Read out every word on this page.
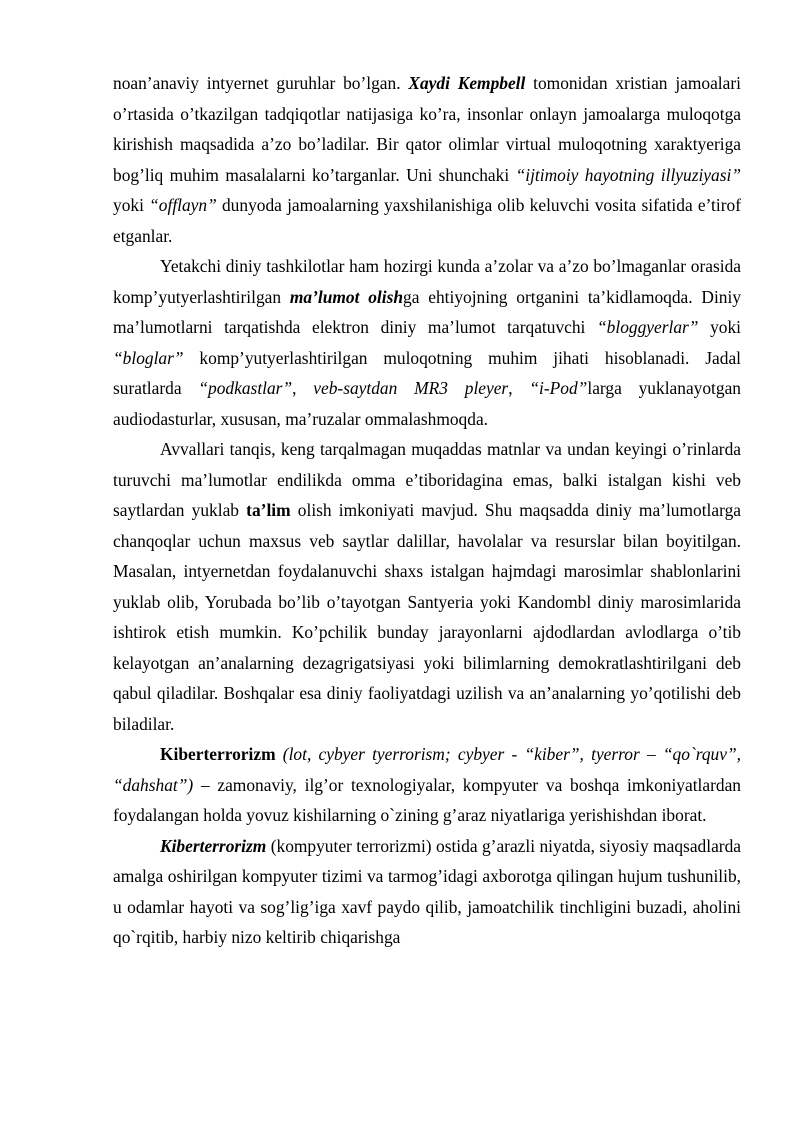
noan’anaviy intyernet guruhlar bo’lgan. Xaydi Kempbell tomonidan xristian jamoalari o’rtasida o’tkazilgan tadqiqotlar natijasiga ko’ra, insonlar onlayn jamoalarga muloqotga kirishish maqsadida a’zo bo’ladilar. Bir qator olimlar virtual muloqotning xaraktyeriga bog’liq muhim masalalarni ko’targanlar. Uni shunchaki “ijtimoiy hayotning illyuziyasi” yoki “offlayn” dunyoda jamoalarning yaxshilanishiga olib keluvchi vosita sifatida e’tirof etganlar.

Yetakchi diniy tashkilotlar ham hozirgi kunda a’zolar va a’zo bo’lmaganlar orasida komp’yutyerlashtirilgan ma’lumot olishga ehtiyojning ortganini ta’kidlamoqda. Diniy ma’lumotlarni tarqatishda elektron diniy ma’lumot tarqatuvchi “bloggyerlar” yoki “bloglar” komp’yutyerlashtirilgan muloqotning muhim jihati hisoblanadi. Jadal suratlarda “podkastlar”, veb-saytdan MR3 pleyer, “i-Pod”larga yuklanayotgan audiodasturlar, xususan, ma’ruzalar ommalashmoqda.

Avvallari tanqis, keng tarqalmagan muqaddas matnlar va undan keyingi o’rinlarda turuvchi ma’lumotlar endilikda omma e’tiboridagina emas, balki istalgan kishi veb saytlardan yuklab ta’lim olish imkoniyati mavjud. Shu maqsadda diniy ma’lumotlarga chanqoqlar uchun maxsus veb saytlar dalillar, havolalar va resurslar bilan boyitilgan. Masalan, intyernetdan foydalanuvchi shaxs istalgan hajmdagi marosimlar shablonlarini yuklab olib, Yorubada bo’lib o’tayotgan Santyeria yoki Kandombl diniy marosimlarida ishtirok etish mumkin. Ko’pchilik bunday jarayonlarni ajdodlardan avlodlarga o’tib kelayotgan an’analarning dezagrigatsiyasi yoki bilimlarning demokratlashtirilgani deb qabul qiladilar. Boshqalar esa diniy faoliyatdagi uzilish va an’analarning yo’qotilishi deb biladilar.

Kiberterrorizm (lot, cybyer tyerrorism; cybyer - “kiber”, tyerror – “qo`rquv”, “dahshat”) – zamonaviy, ilg’or texnologiyalar, kompyuter va boshqa imkoniyatlardan foydalangan holda yovuz kishilarning o`zining g’araz niyatlariga yerishishdan iborat.

Kiberterrorizm (kompyuter terrorizmi) ostida g’arazli niyatda, siyosiy maqsadlarda amalga oshirilgan kompyuter tizimi va tarmog’idagi axborotga qilingan hujum tushunilib, u odamlar hayoti va sog’lig’iga xavf paydo qilib, jamoatchilik tinchligini buzadi, aholini qo`rqitib, harbiy nizo keltirib chiqarishga
